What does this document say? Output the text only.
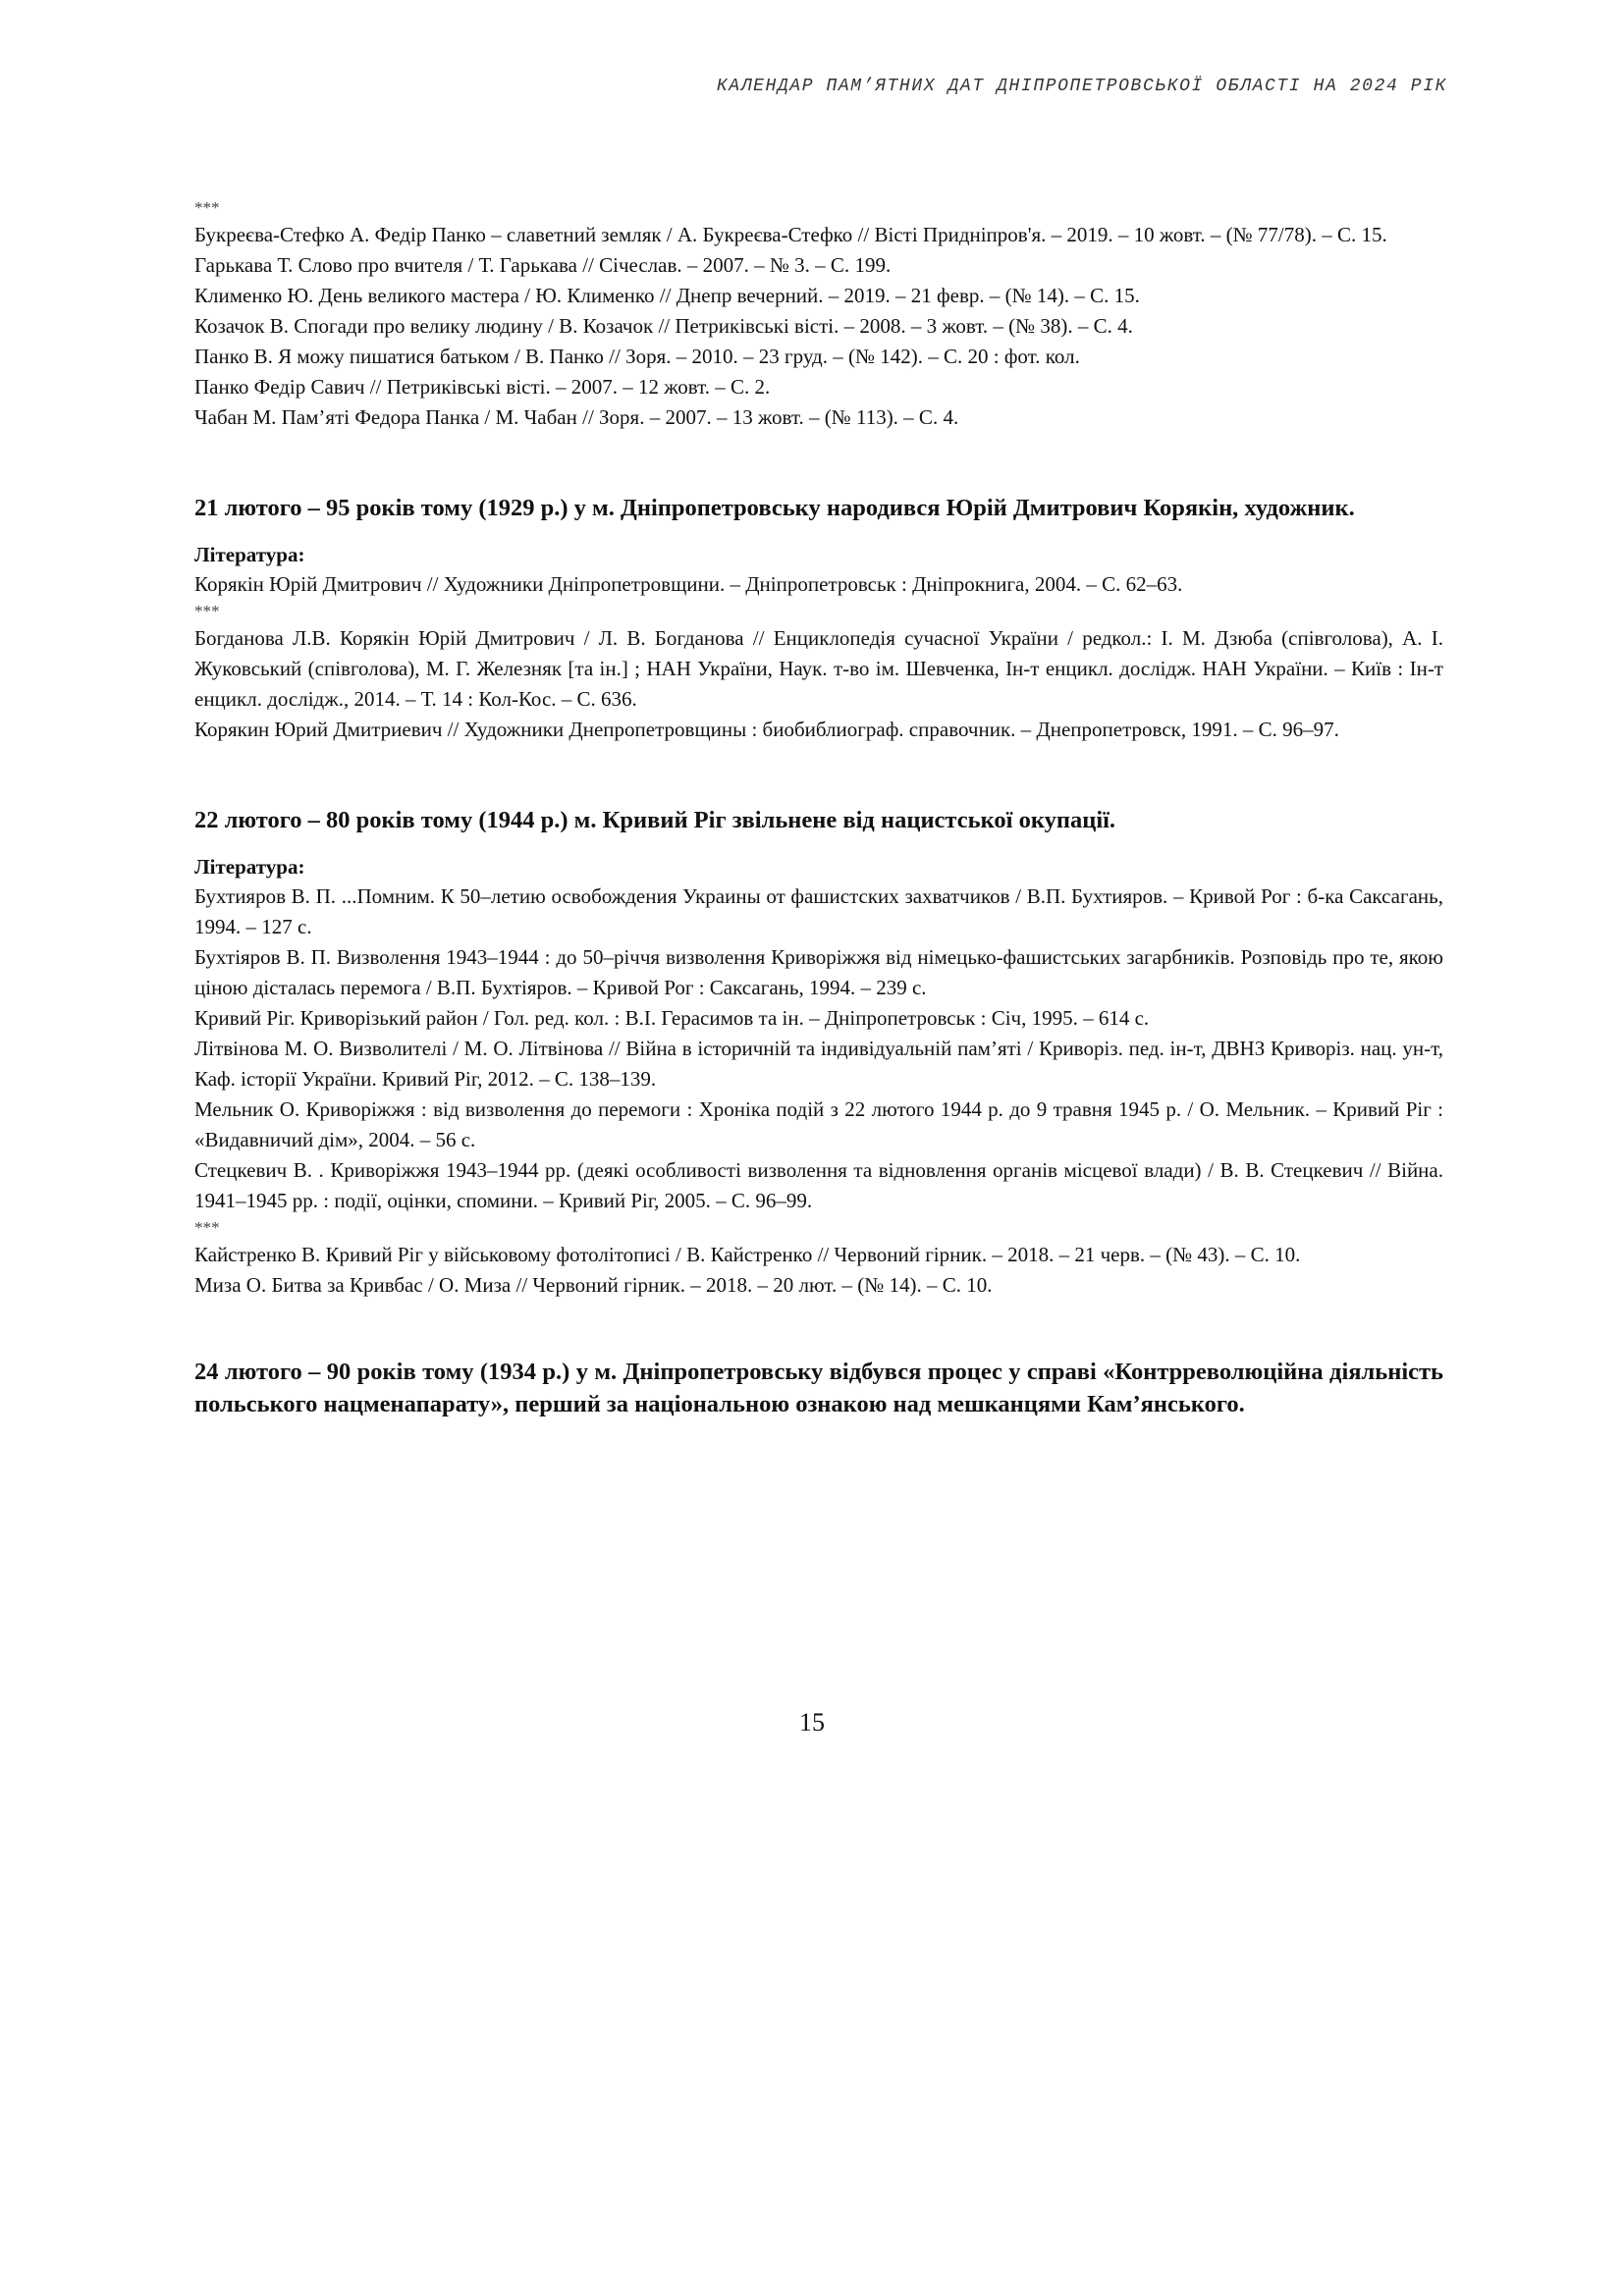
КАЛЕНДАР ПАМ’ЯТНИХ ДАТ ДНІПРОПЕТРОВСЬКОЇ ОБЛАСТІ НА 2024 РІК

***

Букреєва-Стефко А. Федір Панко – славетний земляк / А. Букреєва-Стефко // Вісті Придніпров'я. – 2019. – 10 жовт. – (№ 77/78). – С. 15.

Гарькава Т. Слово про вчителя / Т. Гарькава // Січеслав. – 2007. – № 3. – С. 199.

Клименко Ю. День великого мастера / Ю. Клименко // Днепр вечерний. – 2019. – 21 февр. – (№ 14). – С. 15.

Козачок В. Спогади про велику людину / В. Козачок // Петриківські вісті. – 2008. – 3 жовт. – (№ 38). – С. 4.

Панко В. Я можу пишатися батьком / В. Панко // Зоря. – 2010. – 23 груд. – (№ 142). – С. 20 : фот. кол.

Панко Федір Савич // Петриківські вісті. – 2007. – 12 жовт. – С. 2.

Чабан М. Пам’яті Федора Панка / М. Чабан // Зоря. – 2007. – 13 жовт. – (№ 113). – С. 4.

21 лютого – 95 років тому (1929 р.) у м. Дніпропетровську народився Юрій Дмитрович Корякін, художник.

Література:

Корякін Юрій Дмитрович // Художники Дніпропетровщини. – Дніпропетровськ : Дніпрокнига, 2004. – С. 62–63.

***

Богданова Л.В. Корякін Юрій Дмитрович / Л. В. Богданова // Енциклопедія сучасної України / редкол.: І. М. Дзюба (співголова), А. І. Жуковський (співголова), М. Г. Железняк [та ін.] ; НАН України, Наук. т-во ім. Шевченка, Ін-т енцикл. дослідж. НАН України. – Київ : Ін-т енцикл. дослідж., 2014. – Т. 14 : Кол-Кос. – С. 636.

Корякин Юрий Дмитриевич // Художники Днепропетровщины : биобиблиограф. справочник. – Днепропетровск, 1991. – С. 96–97.

22 лютого – 80 років тому (1944 р.) м. Кривий Ріг звільнене від нацистської окупації.

Література:

Бухтияров В. П. ...Помним. К 50–летию освобождения Украины от фашистских захватчиков / В.П. Бухтияров. – Кривой Рог : б-ка Саксагань, 1994. – 127 с.

Бухтіяров В. П. Визволення 1943–1944 : до 50–річчя визволення Криворіжжя від німецько-фашистських загарбників. Розповідь про те, якою ціною дісталась перемога / В.П. Бухтіяров. – Кривой Рог : Саксагань, 1994. – 239 с.

Кривий Ріг. Криворізький район / Гол. ред. кол. : В.І. Герасимов та ін. – Дніпропетровськ : Січ, 1995. – 614 с.

Літвінова М. О. Визволителі / М. О. Літвінова // Війна в історичній та індивідуальній пам’яті / Криворіз. пед. ін-т, ДВНЗ Криворіз. нац. ун-т, Каф. історії України. Кривий Ріг, 2012. – С. 138–139.

Мельник О. Криворіжжя : від визволення до перемоги : Хроніка подій з 22 лютого 1944 р. до 9 травня 1945 р. / О. Мельник. – Кривий Ріг : «Видавничий дім», 2004. – 56 с.

Стецкевич В. . Криворіжжя 1943–1944 рр. (деякі особливості визволення та відновлення органів місцевої влади) / В. В. Стецкевич // Війна. 1941–1945 рр. : події, оцінки, спомини. – Кривий Ріг, 2005. – С. 96–99.

***

Кайстренко В. Кривий Ріг у військовому фотолітописі / В. Кайстренко // Червоний гірник. – 2018. – 21 черв. – (№ 43). – С. 10.

Миза О. Битва за Кривбас / О. Миза // Червоний гірник. – 2018. – 20 лют. – (№ 14). – С. 10.

24 лютого – 90 років тому (1934 р.) у м. Дніпропетровську відбувся процес у справі «Контрреволюційна діяльність польського нацменапарату», перший за національною ознакою над мешканцями Кам’янського.

15
